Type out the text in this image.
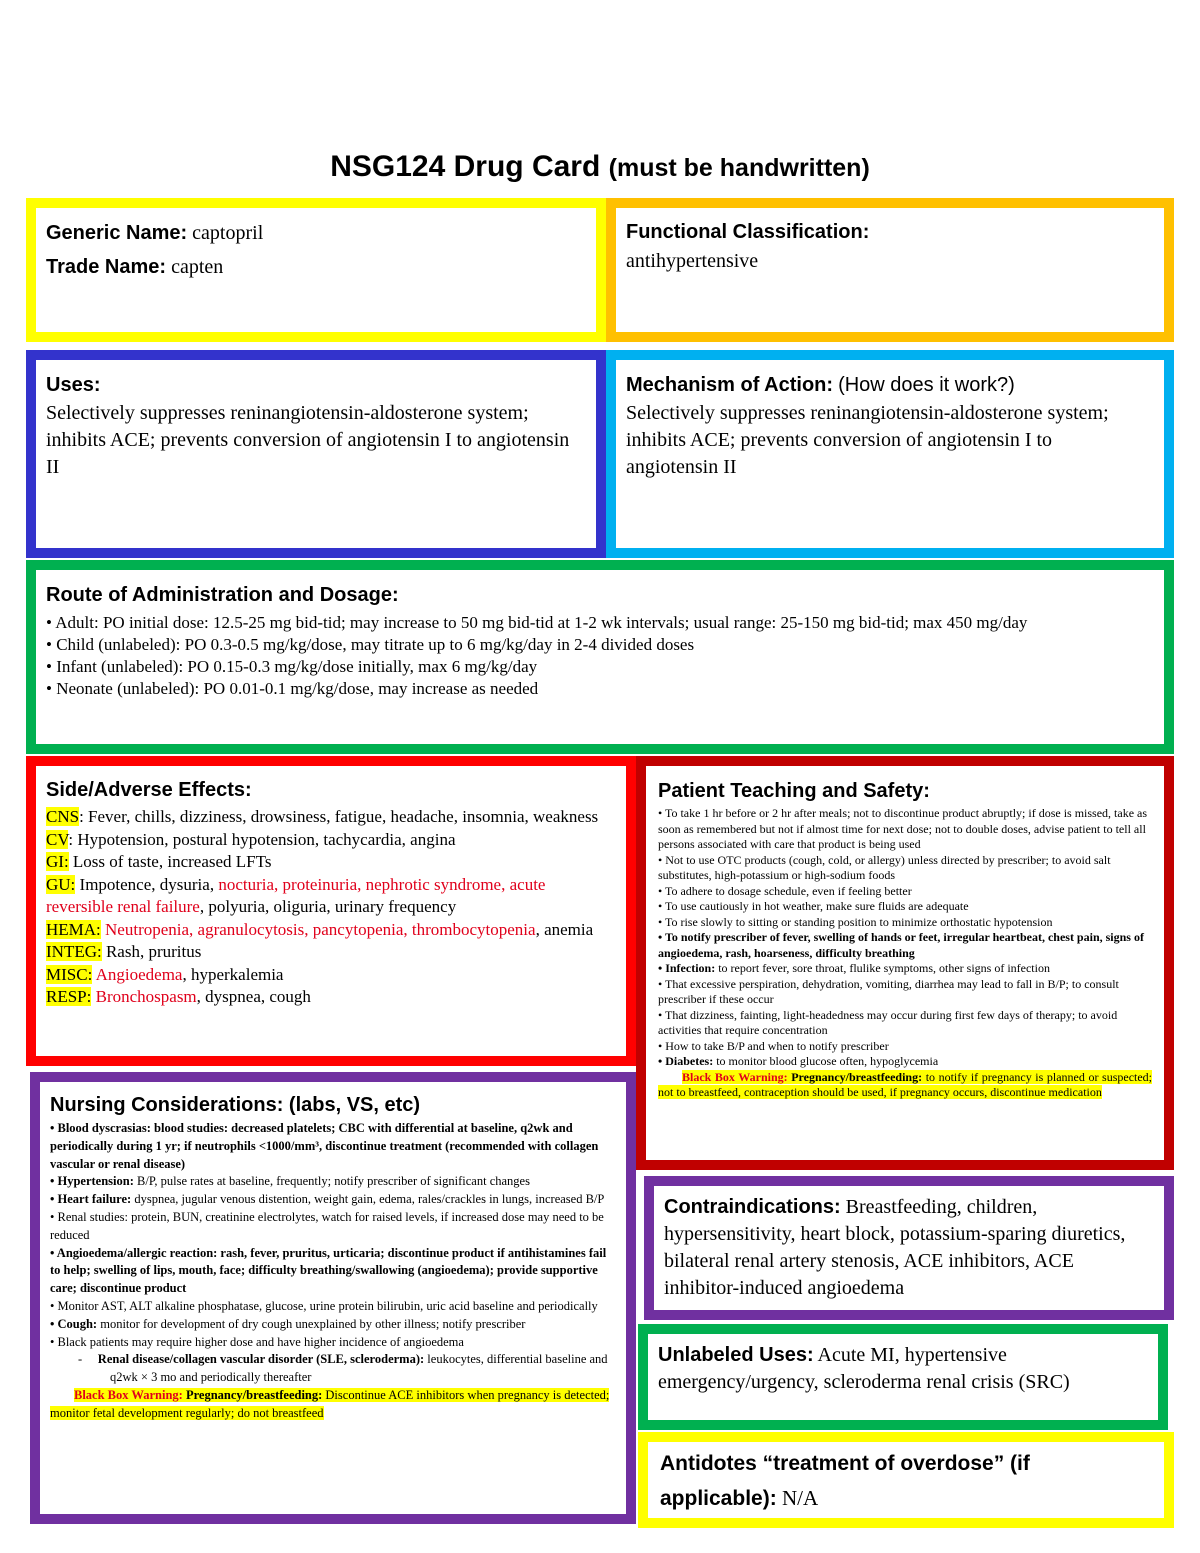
NSG124 Drug Card (must be handwritten)
Generic Name: captopril
Trade Name: capten
Functional Classification:
antihypertensive
Uses:
Selectively suppresses reninangiotensin-aldosterone system; inhibits ACE; prevents conversion of angiotensin I to angiotensin II
Mechanism of Action: (How does it work?)
Selectively suppresses reninangiotensin-aldosterone system; inhibits ACE; prevents conversion of angiotensin I to angiotensin II
Route of Administration and Dosage:
• Adult: PO initial dose: 12.5-25 mg bid-tid; may increase to 50 mg bid-tid at 1-2 wk intervals; usual range: 25-150 mg bid-tid; max 450 mg/day
• Child (unlabeled): PO 0.3-0.5 mg/kg/dose, may titrate up to 6 mg/kg/day in 2-4 divided doses
• Infant (unlabeled): PO 0.15-0.3 mg/kg/dose initially, max 6 mg/kg/day
• Neonate (unlabeled): PO 0.01-0.1 mg/kg/dose, may increase as needed
Side/Adverse Effects:
CNS: Fever, chills, dizziness, drowsiness, fatigue, headache, insomnia, weakness
CV: Hypotension, postural hypotension, tachycardia, angina
GI: Loss of taste, increased LFTs
GU: Impotence, dysuria, nocturia, proteinuria, nephrotic syndrome, acute reversible renal failure, polyuria, oliguria, urinary frequency
HEMA: Neutropenia, agranulocytosis, pancytopenia, thrombocytopenia, anemia
INTEG: Rash, pruritus
MISC: Angioedema, hyperkalemia
RESP: Bronchospasm, dyspnea, cough
Patient Teaching and Safety:
• To take 1 hr before or 2 hr after meals; not to discontinue product abruptly; if dose is missed, take as soon as remembered but not if almost time for next dose; not to double doses, advise patient to tell all persons associated with care that product is being used
• Not to use OTC products (cough, cold, or allergy) unless directed by prescriber; to avoid salt substitutes, high-potassium or high-sodium foods
• To adhere to dosage schedule, even if feeling better
• To use cautiously in hot weather, make sure fluids are adequate
• To rise slowly to sitting or standing position to minimize orthostatic hypotension
• To notify prescriber of fever, swelling of hands or feet, irregular heartbeat, chest pain, signs of angioedema, rash, hoarseness, difficulty breathing
• Infection: to report fever, sore throat, flulike symptoms, other signs of infection
• That excessive perspiration, dehydration, vomiting, diarrhea may lead to fall in B/P; to consult prescriber if these occur
• That dizziness, fainting, light-headedness may occur during first few days of therapy; to avoid activities that require concentration
• How to take B/P and when to notify prescriber
• Diabetes: to monitor blood glucose often, hypoglycemia
Black Box Warning: Pregnancy/breastfeeding: to notify if pregnancy is planned or suspected; not to breastfeed, contraception should be used, if pregnancy occurs, discontinue medication
Nursing Considerations: (labs, VS, etc)
• Blood dyscrasias: blood studies: decreased platelets; CBC with differential at baseline, q2wk and periodically during 1 yr; if neutrophils <1000/mm³, discontinue treatment (recommended with collagen vascular or renal disease)
• Hypertension: B/P, pulse rates at baseline, frequently; notify prescriber of significant changes
• Heart failure: dyspnea, jugular venous distention, weight gain, edema, rales/crackles in lungs, increased B/P
• Renal studies: protein, BUN, creatinine electrolytes, watch for raised levels, if increased dose may need to be reduced
• Angioedema/allergic reaction: rash, fever, pruritus, urticaria; discontinue product if antihistamines fail to help; swelling of lips, mouth, face; difficulty breathing/swallowing (angioedema); provide supportive care; discontinue product
• Monitor AST, ALT alkaline phosphatase, glucose, urine protein bilirubin, uric acid baseline and periodically
• Cough: monitor for development of dry cough unexplained by other illness; notify prescriber
• Black patients may require higher dose and have higher incidence of angioedema
- Renal disease/collagen vascular disorder (SLE, scleroderma): leukocytes, differential baseline and q2wk × 3 mo and periodically thereafter
Black Box Warning: Pregnancy/breastfeeding: Discontinue ACE inhibitors when pregnancy is detected; monitor fetal development regularly; do not breastfeed
Contraindications: Breastfeeding, children, hypersensitivity, heart block, potassium-sparing diuretics, bilateral renal artery stenosis, ACE inhibitors, ACE inhibitor-induced angioedema
Unlabeled Uses: Acute MI, hypertensive emergency/urgency, scleroderma renal crisis (SRC)
Antidotes “treatment of overdose” (if applicable): N/A
